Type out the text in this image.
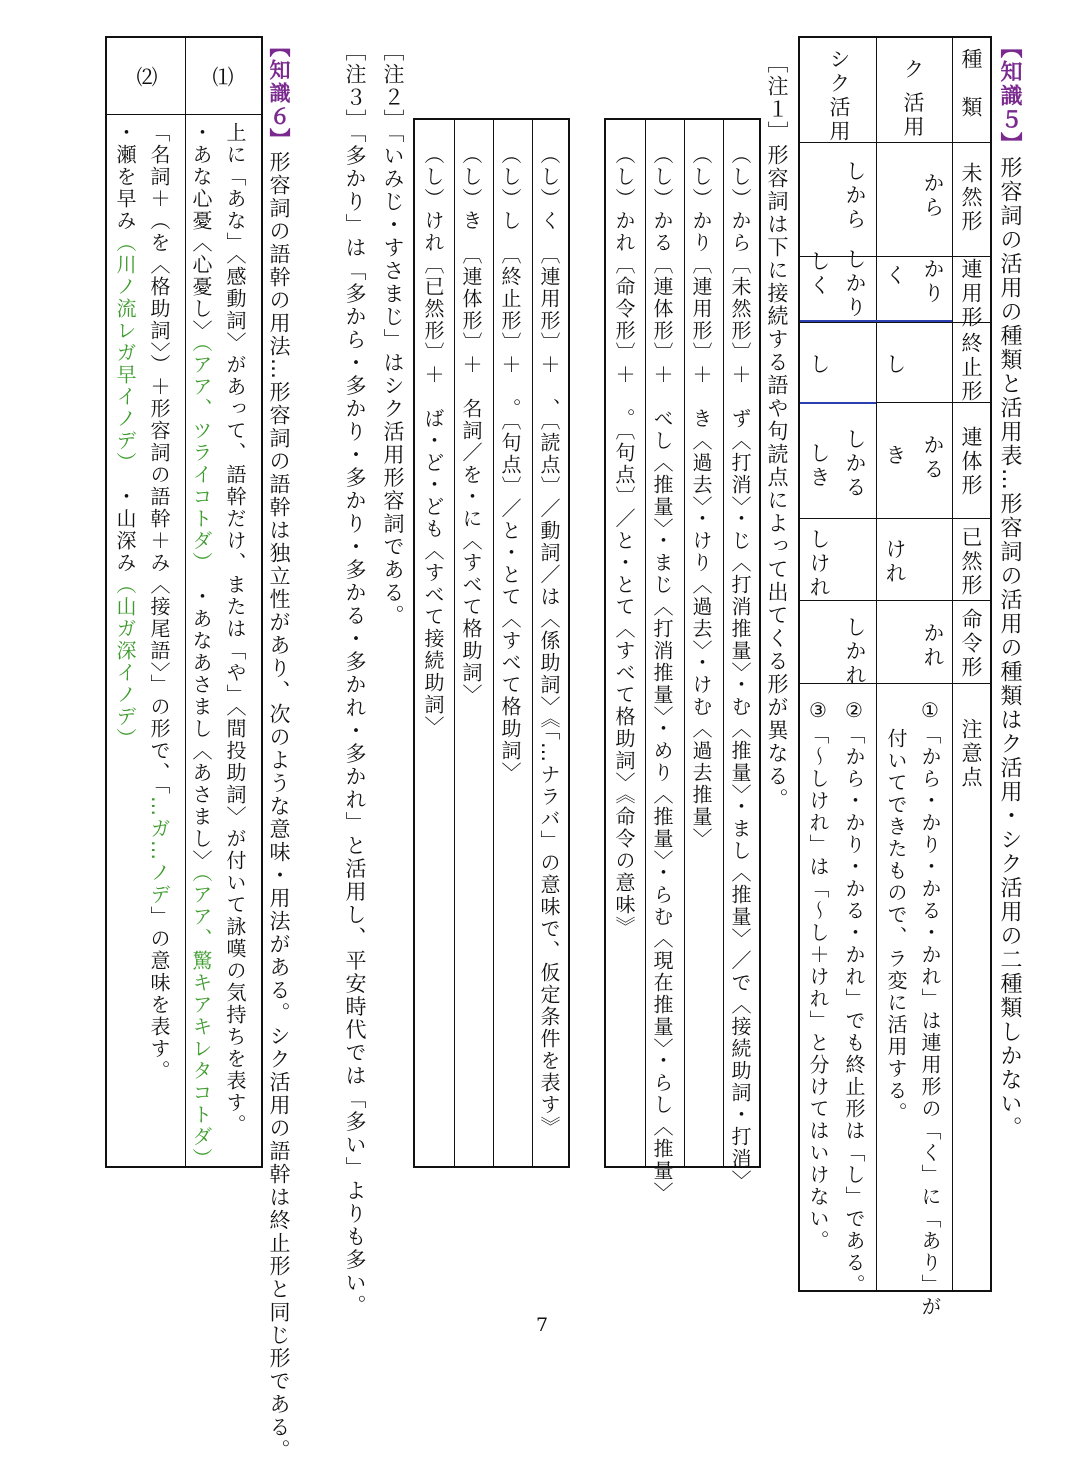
【知識５】形容詞の活用の種類と活用表…形容詞の活用の種類はク活用・シク活用の二種類しかない。
種　類
未然形
連用形
終止形
連体形
已然形
命令形
注意点
ク 活用
から
かり
く
し
かる
き
けれ
かれ
シク活用
しから
しかり
しく
し
しかる
しき
しけれ
しかれ
①「から・かり・かる・かれ」は連用形の「く」に「あり」が
付いてできたもので、ラ変に活用する。
②「から・かり・かる・かれ」でも終止形は「し」である。
③「～しけれ」は「～し＋けれ」と分けてはいけない。
［注１］形容詞は下に接続する語や句読点によって出てくる形が異なる。
（し）から〔未然形〕＋　ず〈打消〉・じ〈打消推量〉・む〈推量〉・まし〈推量〉／で〈接続助詞・打消〉
（し）かり〔連用形〕＋　き〈過去〉・けり〈過去〉・けむ〈過去推量〉
（し）かる〔連体形〕＋　べし〈推量〉・まじ〈打消推量〉・めり〈推量〉・らむ〈現在推量〉・らし〈推量〉
（し）かれ〔命令形〕＋　。〔句点〕／と・とて〈すべて格助詞〉《命令の意味》
（し）く　〔連用形〕＋　、〔読点〕／動詞／は〈係助詞〉《「…ナラバ」の意味で、仮定条件を表す》
（し）し　〔終止形〕＋　。〔句点〕／と・とて〈すべて格助詞〉
（し）き　〔連体形〕＋　名詞／を・に〈すべて格助詞〉
（し）けれ〔已然形〕＋　ば・ど・ども〈すべて接続助詞〉
［注２］「いみじ・すさまじ」はシク活用形容詞である。
［注３］「多かり」は「多から・多かり・多かり・多かる・多かれ・多かれ」と活用し、平安時代では「多い」よりも多い。
【知識６】形容詞の語幹の用法…形容詞の語幹は独立性があり、次のような意味・用法がある。シク活用の語幹は終止形と同じ形である。
⑴
⑵
上に「あな」〈感動詞〉があって、語幹だけ、または「や」〈間投助詞〉が付いて詠嘆の気持ちを表す。
・あな心憂〈心憂し〉（アア、ツライコトダ）　・あなあさまし〈あさまし〉（アア、驚キアキレタコトダ）
「名詞＋（を〈格助詞〉）＋形容詞の語幹＋み〈接尾語〉」の形で、「…ガ…ノデ」の意味を表す。
・瀬を早み（川ノ流レガ早イノデ）　・山深み（山ガ深イノデ）
7
